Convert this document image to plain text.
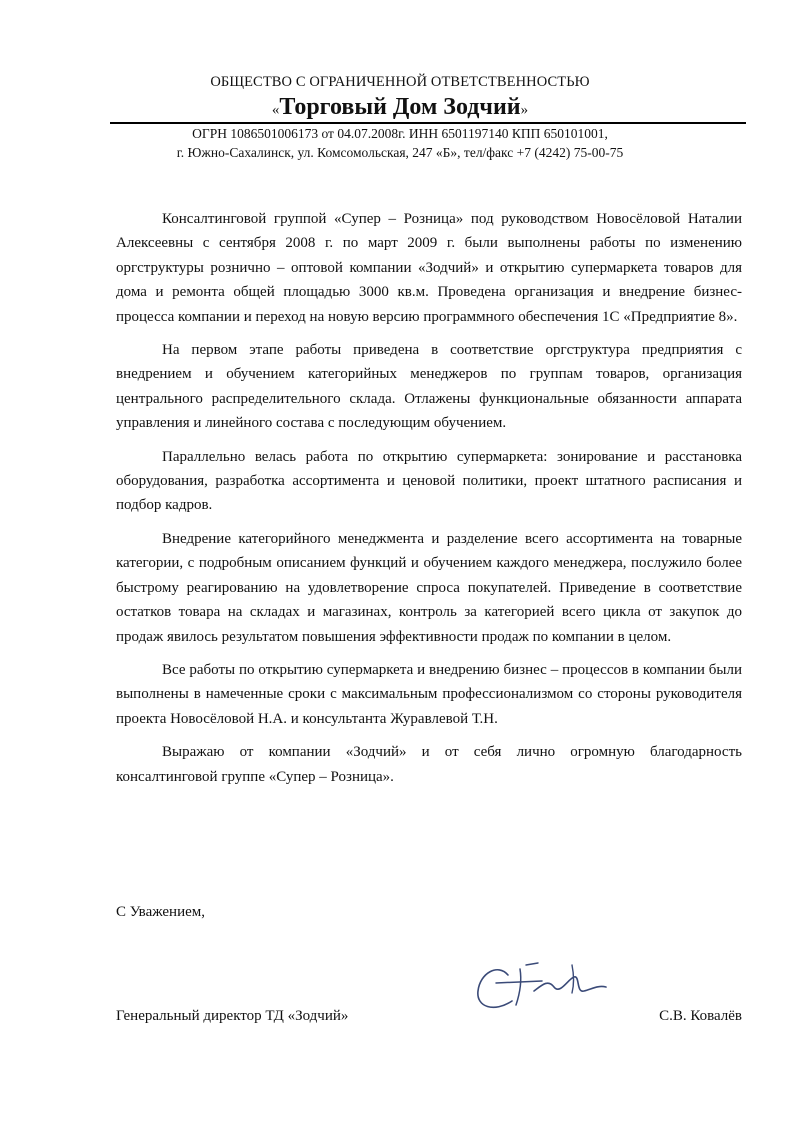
ОБЩЕСТВО С ОГРАНИЧЕННОЙ ОТВЕТСТВЕННОСТЬЮ
«Торговый Дом Зодчий»
ОГРН 1086501006173 от 04.07.2008г. ИНН 6501197140 КПП 650101001,
г. Южно-Сахалинск, ул. Комсомольская, 247 «Б», тел/факс +7 (4242) 75-00-75

Консалтинговой группой «Супер – Розница» под руководством Новосёловой Наталии Алексеевны с сентября 2008 г. по март 2009 г. были выполнены работы по изменению оргструктуры розничнo – оптовой компании «Зодчий» и открытию супермаркета товаров для дома и ремонта общей площадью 3000 кв.м. Проведена организация и внедрение бизнес-процесса компании и переход на новую версию программного обеспечения 1С «Предприятие 8».

На первом этапе работы приведена в соответствие оргструктура предприятия с внедрением и обучением категорийных менеджеров по группам товаров, организация центрального распределительного склада. Отлажены функциональные обязанности аппарата управления и линейного состава с последующим обучением.

Параллельно велась работа по открытию супермаркета: зонирование и расстановка оборудования, разработка ассортимента и ценовой политики, проект штатного расписания и подбор кадров.

Внедрение категорийного менеджмента и разделение всего ассортимента на товарные категории, с подробным описанием функций и обучением каждого менеджера, послужило более быстрому реагированию на удовлетворение спроса покупателей. Приведение в соответствие остатков товара на складах и магазинах, контроль за категорией всего цикла от закупок до продаж явилось результатом повышения эффективности продаж по компании в целом.

Все работы по открытию супермаркета и внедрению бизнес – процессов в компании были выполнены в намеченные сроки с максимальным профессионализмом со стороны руководителя проекта Новосёловой Н.А. и консультанта Журавлевой Т.Н.

Выражаю от компании «Зодчий» и от себя лично огромную благодарность консалтинговой группе «Супер – Розница».

С Уважением,
Генеральный директор ТД «Зодчий»	С.В. Ковалёв
